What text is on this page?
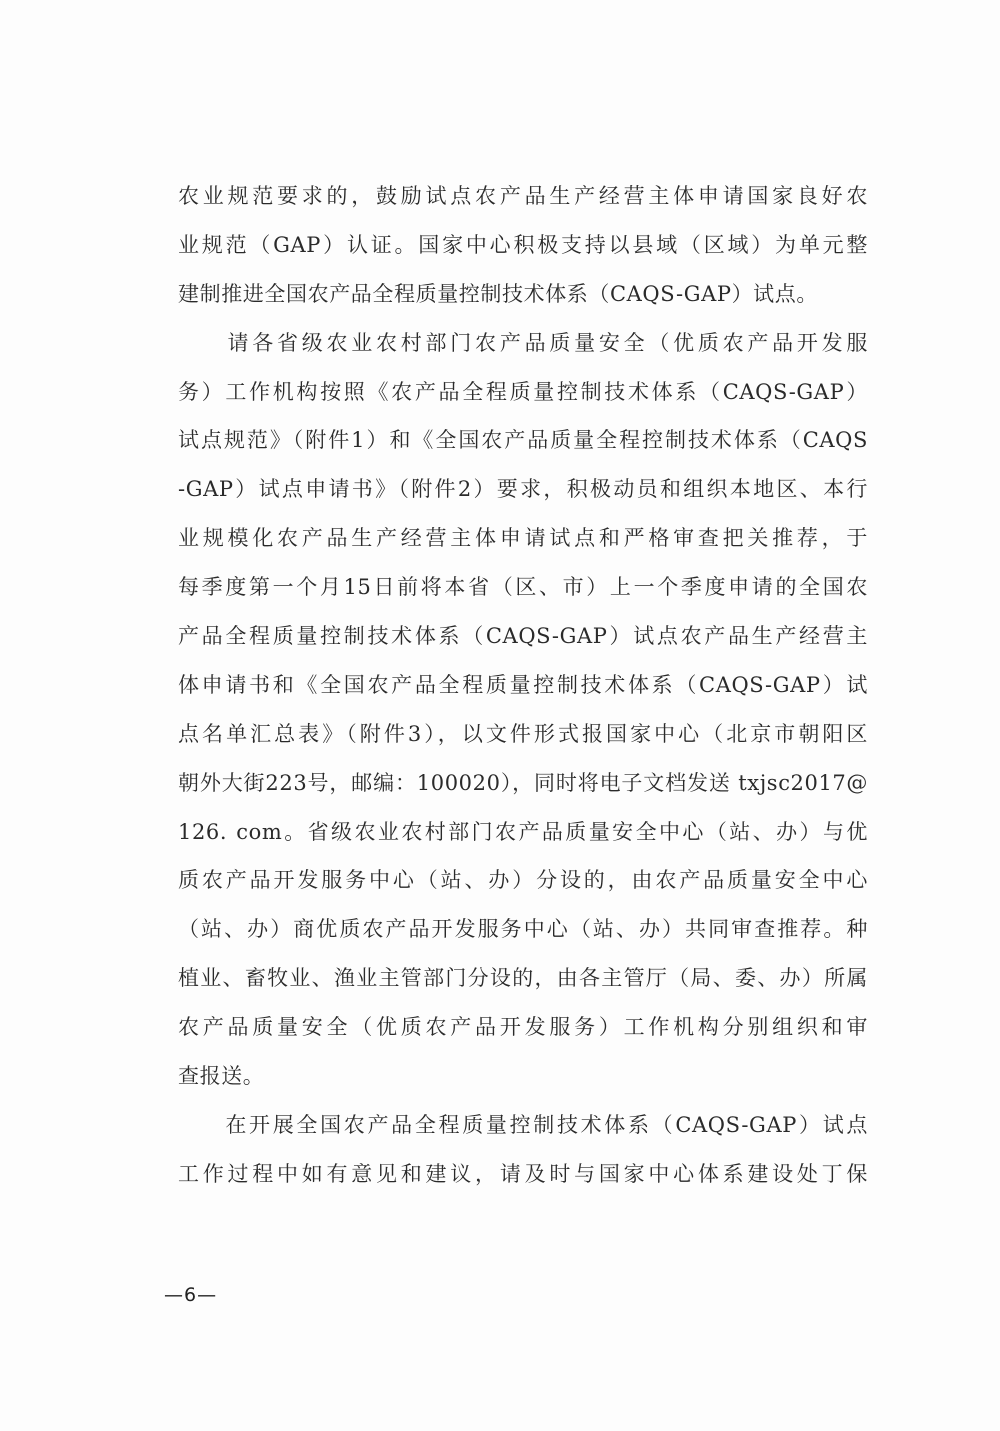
农业规范要求的，鼓励试点农产品生产经营主体申请国家良好农
业规范（GAP）认证。国家中心积极支持以县域（区域）为单元整
建制推进全国农产品全程质量控制技术体系（CAQS-GAP）试点。
　　请各省级农业农村部门农产品质量安全（优质农产品开发服
务）工作机构按照《农产品全程质量控制技术体系（CAQS-GAP）
试点规范》（附件1）和《全国农产品质量全程控制技术体系（CAQS
-GAP）试点申请书》（附件2）要求，积极动员和组织本地区、本行
业规模化农产品生产经营主体申请试点和严格审查把关推荐，于
每季度第一个月15日前将本省（区、市）上一个季度申请的全国农
产品全程质量控制技术体系（CAQS-GAP）试点农产品生产经营主
体申请书和《全国农产品全程质量控制技术体系（CAQS-GAP）试
点名单汇总表》（附件3），以文件形式报国家中心（北京市朝阳区
朝外大街223号，邮编：100020），同时将电子文档发送 txjsc2017@
126. com。省级农业农村部门农产品质量安全中心（站、办）与优
质农产品开发服务中心（站、办）分设的，由农产品质量安全中心
（站、办）商优质农产品开发服务中心（站、办）共同审查推荐。种
植业、畜牧业、渔业主管部门分设的，由各主管厅（局、委、办）所属
农产品质量安全（优质农产品开发服务）工作机构分别组织和审
查报送。
　　在开展全国农产品全程质量控制技术体系（CAQS-GAP）试点
工作过程中如有意见和建议，请及时与国家中心体系建设处丁保
—6—
